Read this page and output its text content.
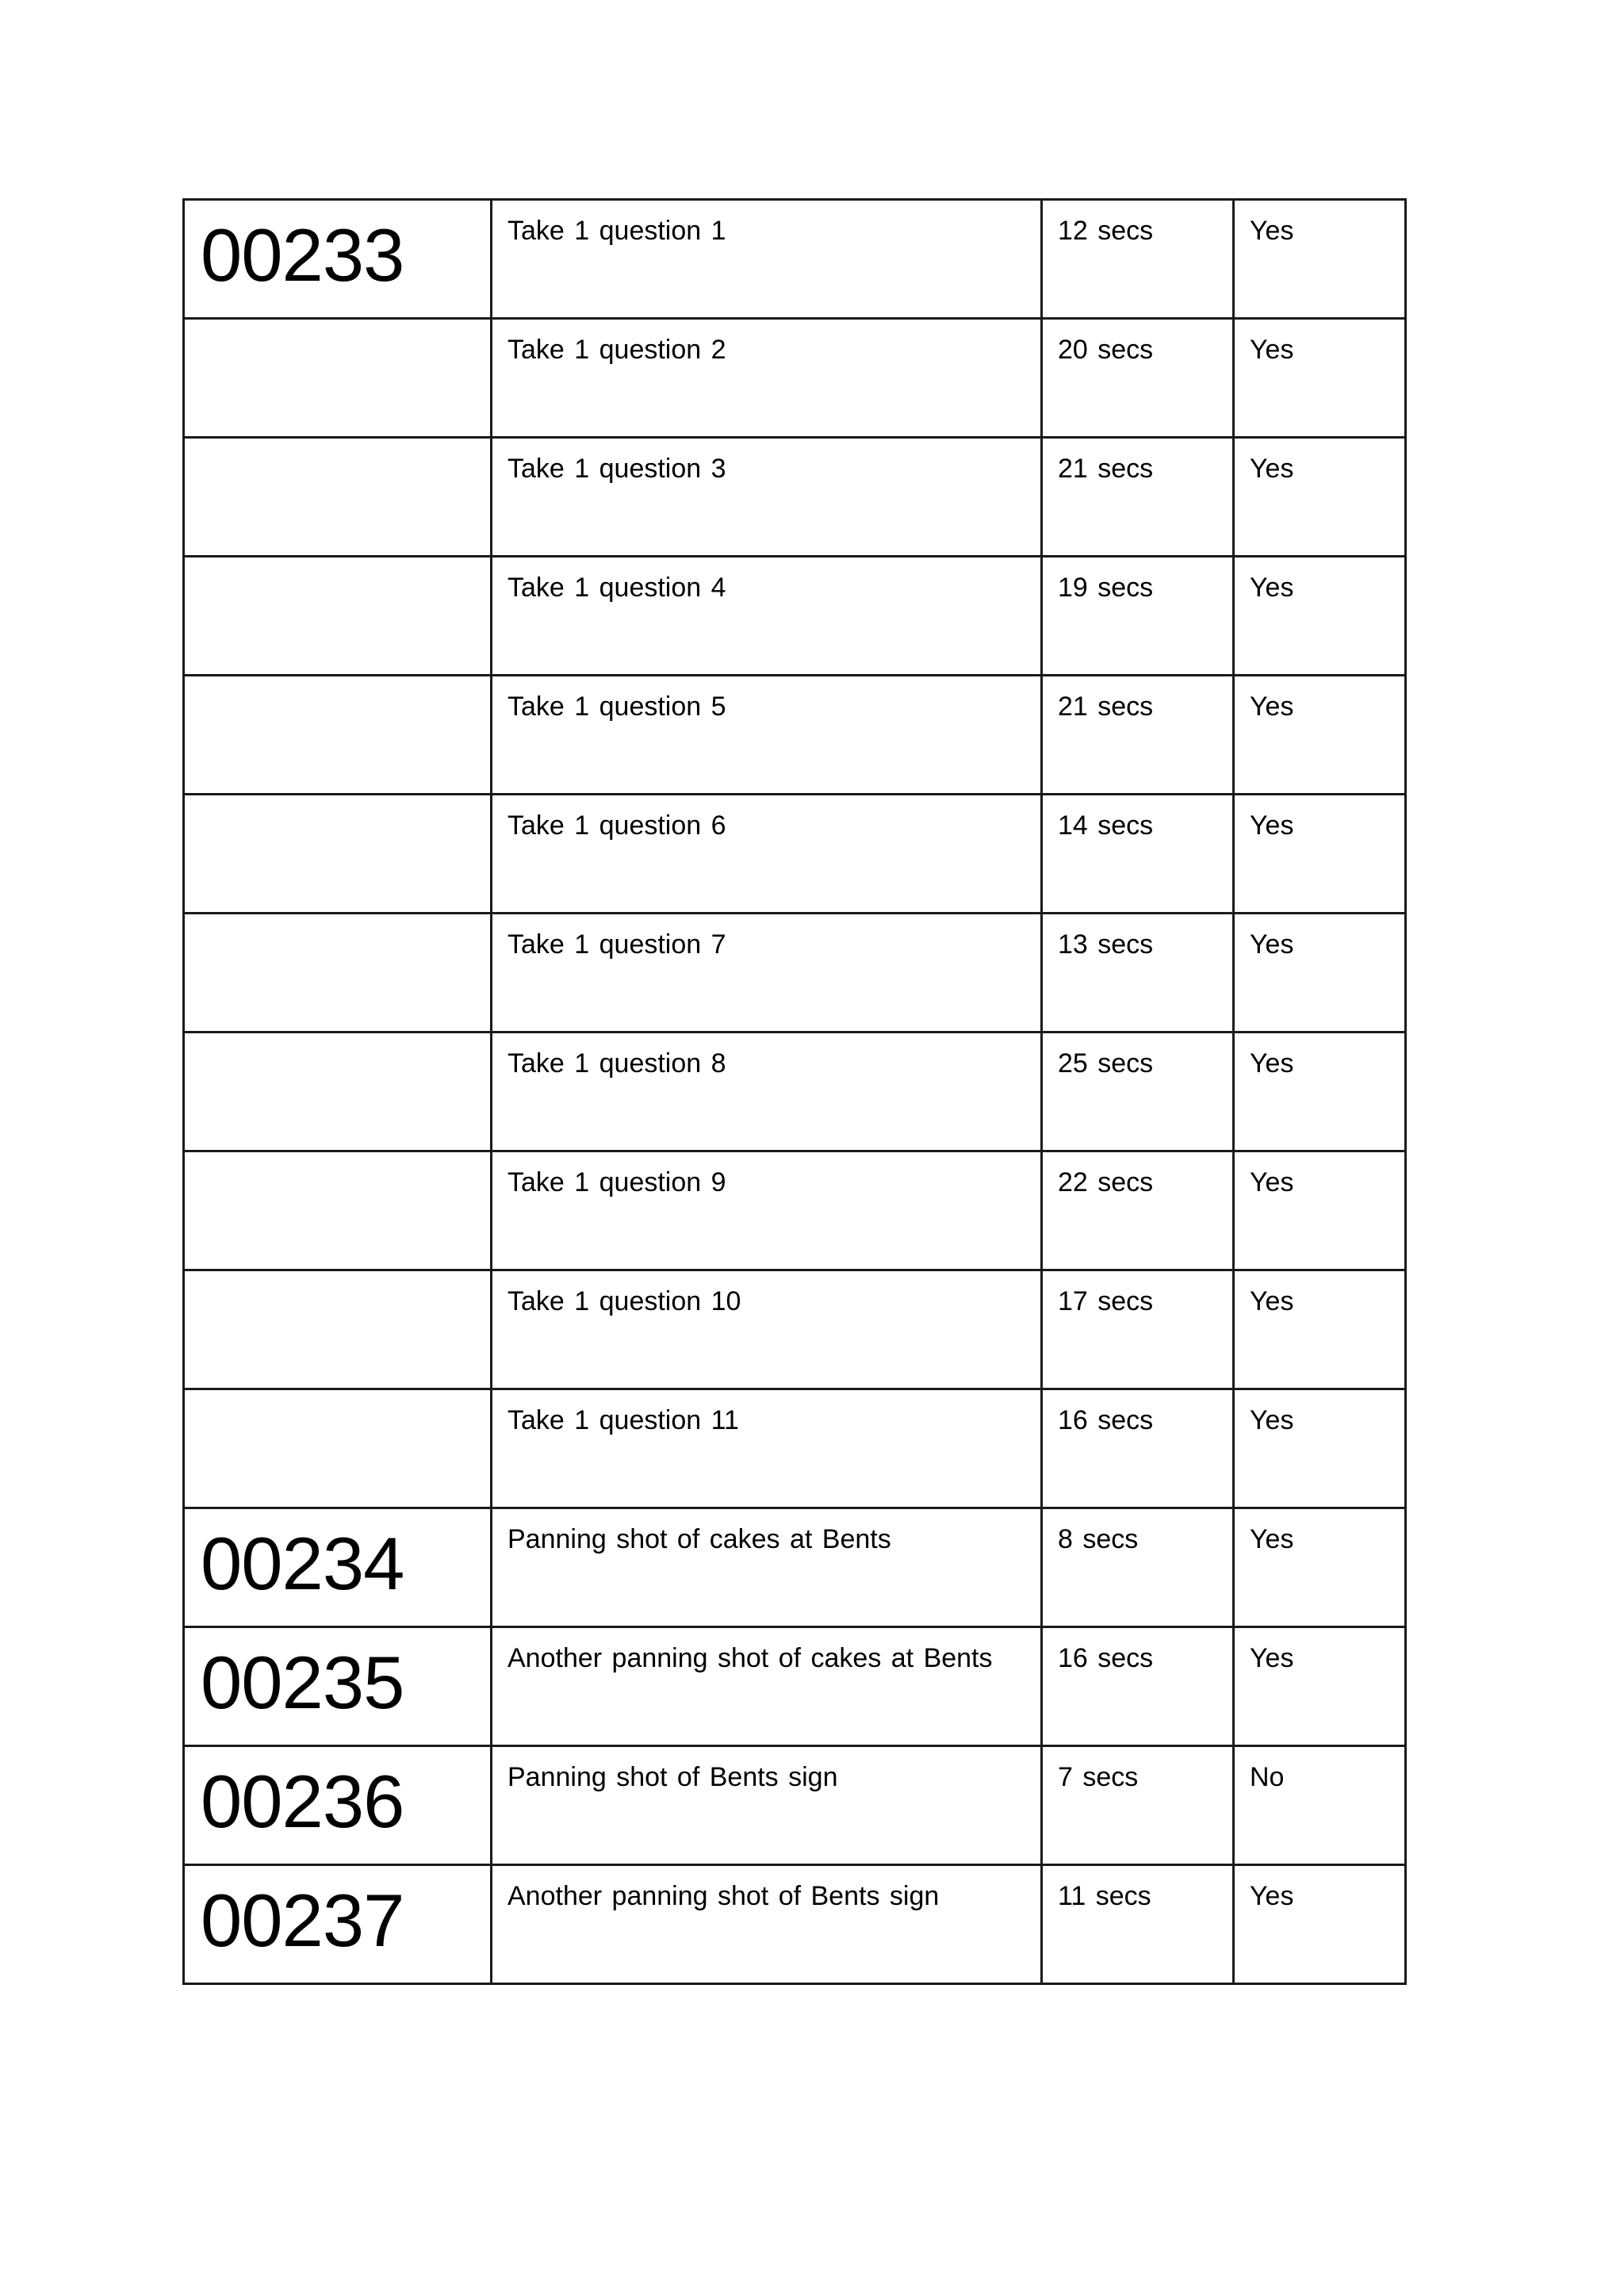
00233	Take 1 question 1	12 secs	Yes

	Take 1 question 2	20 secs	Yes

	Take 1 question 3	21 secs	Yes

	Take 1 question 4	19 secs	Yes

	Take 1 question 5	21 secs	Yes

	Take 1 question 6	14 secs	Yes

	Take 1 question 7	13 secs	Yes

	Take 1 question 8	25 secs	Yes

	Take 1 question 9	22 secs	Yes

	Take 1 question 10	17 secs	Yes

	Take 1 question 11	16 secs	Yes

00234	Panning shot of cakes at Bents	8 secs	Yes

00235	Another panning shot of cakes at Bents	16 secs	Yes

00236	Panning shot of Bents sign	7 secs	No

00237	Another panning shot of Bents sign	11 secs	Yes
